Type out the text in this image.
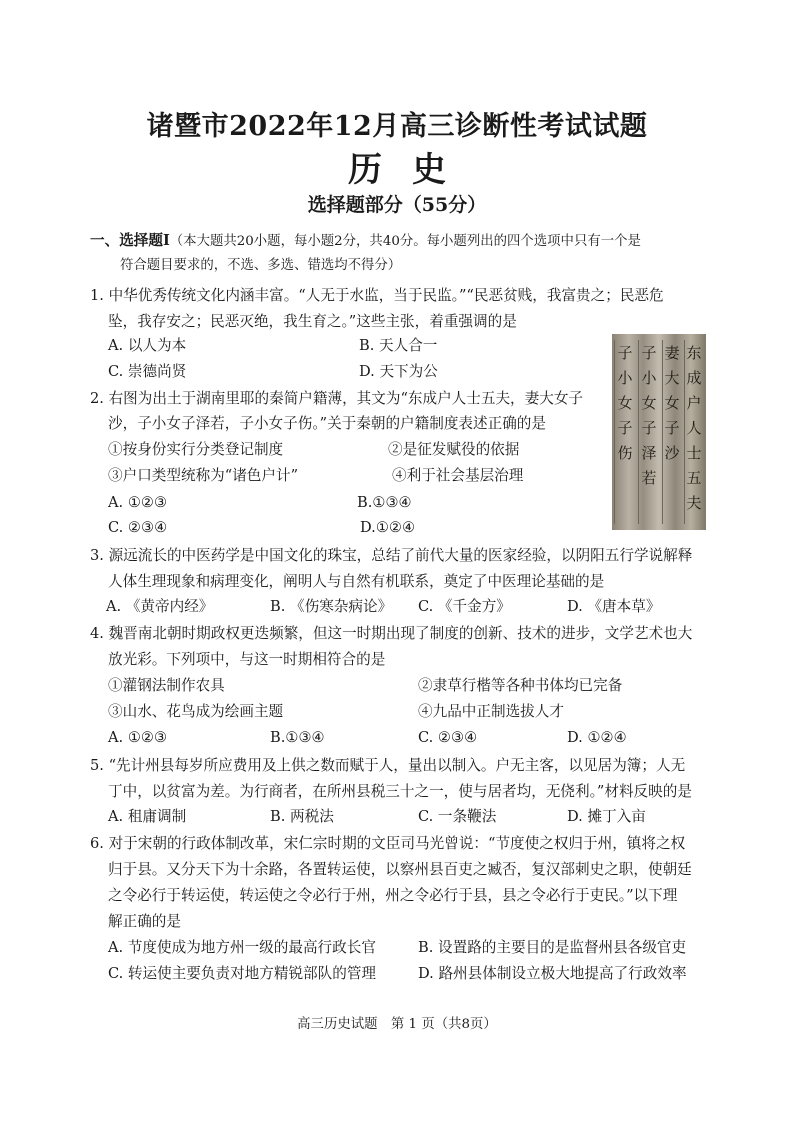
诸暨市2022年12月高三诊断性考试试题
历史
选择题部分（55分）
一、选择题Ⅰ（本大题共20小题，每小题2分，共40分。每小题列出的四个选项中只有一个是
符合题目要求的，不选、多选、错选均不得分）
1. 中华优秀传统文化内涵丰富。“人无于水监，当于民监。”“民恶贫贱，我富贵之；民恶危
坠，我存安之；民恶灭绝，我生育之。”这些主张，着重强调的是
A. 以人为本	B. 天人合一
C. 崇德尚贤	D. 天下为公
2. 右图为出土于湖南里耶的秦简户籍薄，其文为“东成户人士五夫，妻大女子
沙，子小女子泽若，子小女子伤。”关于秦朝的户籍制度表述正确的是
①按身份实行分类登记制度	②是征发赋役的依据
③户口类型统称为“诸色户计”	④利于社会基层治理
A. ①②③	B.①③④
C. ②③④	D.①②④
东
成
户
人
士
五
夫
妻
大
女
子
沙
子
小
女
子
泽
若
子
小
女
子
伤
3. 源远流长的中医药学是中国文化的珠宝，总结了前代大量的医家经验，以阴阳五行学说解释
人体生理现象和病理变化，阐明人与自然有机联系，奠定了中医理论基础的是
A. 《黄帝内经》	B. 《伤寒杂病论》 C. 《千金方》	D. 《唐本草》
4. 魏晋南北朝时期政权更迭频繁，但这一时期出现了制度的创新、技术的进步，文学艺术也大
放光彩。下列项中，与这一时期相符合的是
①灌钢法制作农具	②隶草行楷等各种书体均已完备
③山水、花鸟成为绘画主题	④九品中正制选拔人才
A. ①②③	B.①③④	C. ②③④	D. ①②④
5. “先计州县每岁所应费用及上供之数而赋于人，量出以制入。户无主客，以见居为簿；人无
丁中，以贫富为差。为行商者，在所州县税三十之一，使与居者均，无侥利。”材料反映的是
A. 租庸调制	B. 两税法	C. 一条鞭法	D. 摊丁入亩
6. 对于宋朝的行政体制改革，宋仁宗时期的文臣司马光曾说：“节度使之权归于州，镇将之权
归于县。又分天下为十余路，各置转运使，以察州县百吏之臧否，复汉部刺史之职，使朝廷
之令必行于转运使，转运使之令必行于州，州之令必行于县，县之令必行于吏民。”以下理
解正确的是
A. 节度使成为地方州一级的最高行政长官	B. 设置路的主要目的是监督州县各级官吏
C. 转运使主要负责对地方精锐部队的管理	D. 路州县体制设立极大地提高了行政效率
高三历史试题　第 1 页（共8页）
